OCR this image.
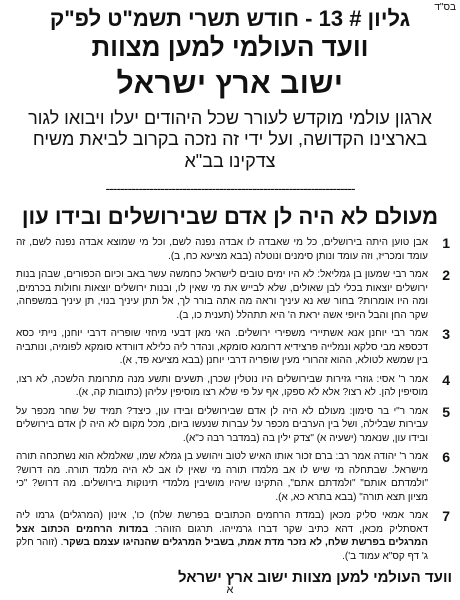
בס"ד
גליון # 13 - חודש תשרי תשמ"ט לפ"ק
וועד העולמי למען מצוות
ישוב ארץ ישראל
ארגון עולמי מוקדש לעורר שכל היהודים יעלו ויבואו לגור
בארצינו הקדושה, ועל ידי זה נזכה בקרוב לביאת משיח
צדקינו בב"א
--------------------------------------------------------------------
מעולם לא היה לן אדם שבירושלים ובידו עון
1
אבן טוען היתה בירושלים, כל מי שאבדה לו אבדה נפנה לשם, וכל מי שמוצא אבדה נפנה לשם, זה עומד ומכריז, וזה עומד ונותן סימנים ונוטלה (בבא מציעא כח, ב).
2
אמר רבי שמעון בן גמליאל: לא היו ימים טובים לישראל כחמשה עשר באב וכיום הכפורים, שבהן בנות ירושלים יוצאות בכלי לבן שאולים, שלא לבייש את מי שאין לו, ובנות ירושלים יוצאות וחולות בכרמים, ומה היו אומרות? בחור שא נא עיניך וראה מה אתה בורר לך, אל תתן עיניך בנוי, תן עיניך במשפחה, שקר החן והבל היופי אשה יראת ה' היא תתהלל (תענית כו, ב).
3
אמר רבי יוחנן אנא אשתיירי משפירי ירושלים. האי מאן דבעי מיחזי שופריה דרבי יוחנן, נייתי כסא דכספא מבי סלקא ונמלייה פרצידיא דרומנא סומקא, ונהדר ליה כלילא דוורדא סומקא לפומיה, ונותביה בין שמשא לטולא, ההוא זהרורי מעין שופריה דרבי יוחנן (בבא מציעא פד, א).
4
אמר ר' אסי: גוזרי גזירות שבירושלים היו נוטלין שכרן, תשעים ותשע מנה מתרומת הלשכה, לא רצו, מוסיפין להן. לא רצו? אלא לא ספקו, אף על פי שלא רצו מוסיפין עליהן (כתובות קה, א).
5
אמר ר"י בר סימון: מעולם לא היה לן אדם שבירושלים ובידו עון, כיצד? תמיד של שחר מכפר על עבירות שבלילה, ושל בין הערבים מכפר על עברות שנעשו ביום, מכל מקום לא היה לן אדם בירושלים ובידו עון, שנאמר (ישעיה א) "צדק ילין בה (במדבר רבה כ"א).
6
אמר ר' יהודה אמר רב: ברם זכור אותו האיש לטוב ויהושע בן גמלא שמו, שאלמלא הוא נשתכחה תורה מישראל. שבתחלה מי שיש לו אב מלמדו תורה מי שאין לו אב לא היה מלמד תורה. מה דרוש? "ולמדתם אותם" "ולמדתם אתם", התקינו שיהיו מושיבין מלמדי תינוקות בירושלים. מה דרוש? "כי מציון תצא תורה" (בבא בתרא כא, א).
7
אמר אמאי סליק מכאן (במדת הרחמים הכתובים בפרשת שלח) כו', אינון (המרגלים) גרמו ליה דאסתליק מכאן, דהא כתיב שקר דברו גרמייהו. תרגום הזוהר: במדות הרחמים הכתוב אצל המרגלים בפרשת שלח, לא נזכר מדת אמת, בשביל המרגלים שהנהיגו עצמם בשקר. (זוהר חלק ג' דף קס"א עמוד ב').
וועד העולמי למען מצוות ישוב ארץ ישראל
א
